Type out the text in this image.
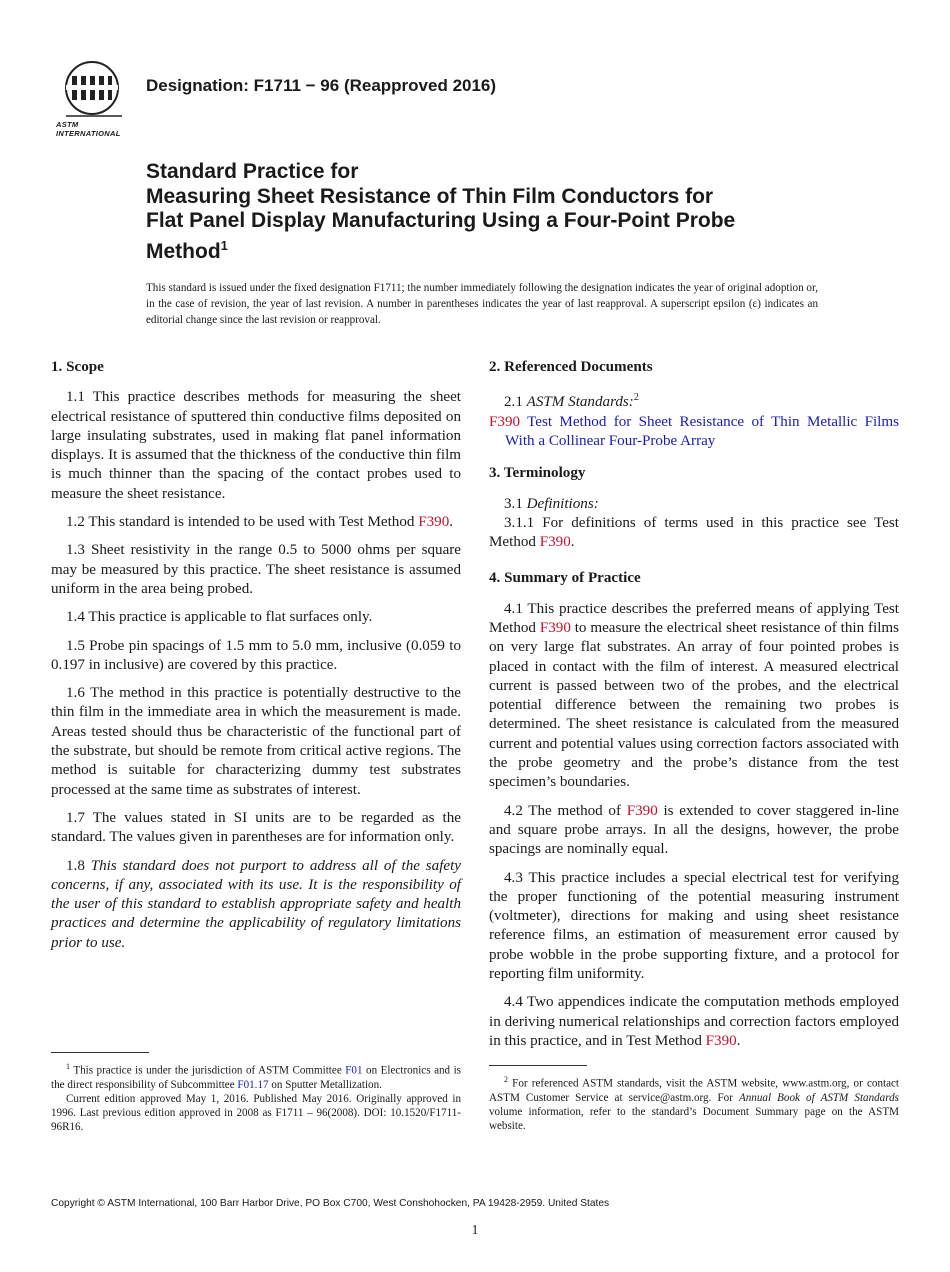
ASTM INTERNATIONAL
Designation: F1711 − 96 (Reapproved 2016)
Standard Practice for
Measuring Sheet Resistance of Thin Film Conductors for
Flat Panel Display Manufacturing Using a Four-Point Probe
Method$^1$
This standard is issued under the fixed designation F1711; the number immediately following the designation indicates the year of original adoption or, in the case of revision, the year of last revision. A number in parentheses indicates the year of last reapproval. A superscript epsilon (ε) indicates an editorial change since the last revision or reapproval.
1. Scope

1.1 This practice describes methods for measuring the sheet electrical resistance of sputtered thin conductive films deposited on large insulating substrates, used in making flat panel information displays. It is assumed that the thickness of the conductive thin film is much thinner than the spacing of the contact probes used to measure the sheet resistance.

1.2 This standard is intended to be used with Test Method F390.

1.3 Sheet resistivity in the range 0.5 to 5000 ohms per square may be measured by this practice. The sheet resistance is assumed uniform in the area being probed.

1.4 This practice is applicable to flat surfaces only.

1.5 Probe pin spacings of 1.5 mm to 5.0 mm, inclusive (0.059 to 0.197 in inclusive) are covered by this practice.

1.6 The method in this practice is potentially destructive to the thin film in the immediate area in which the measurement is made. Areas tested should thus be characteristic of the functional part of the substrate, but should be remote from critical active regions. The method is suitable for characterizing dummy test substrates processed at the same time as substrates of interest.

1.7 The values stated in SI units are to be regarded as the standard. The values given in parentheses are for information only.

1.8 This standard does not purport to address all of the safety concerns, if any, associated with its use. It is the responsibility of the user of this standard to establish appropriate safety and health practices and determine the applicability of regulatory limitations prior to use.

2. Referenced Documents

2.1 ASTM Standards:$^2$

F390 Test Method for Sheet Resistance of Thin Metallic Films With a Collinear Four-Probe Array

3. Terminology

3.1 Definitions:

3.1.1 For definitions of terms used in this practice see Test Method F390.

4. Summary of Practice

4.1 This practice describes the preferred means of applying Test Method F390 to measure the electrical sheet resistance of thin films on very large flat substrates. An array of four pointed probes is placed in contact with the film of interest. A measured electrical current is passed between two of the probes, and the electrical potential difference between the remaining two probes is determined. The sheet resistance is calculated from the measured current and potential values using correction factors associated with the probe geometry and the probe’s distance from the test specimen’s boundaries.

4.2 The method of F390 is extended to cover staggered in-line and square probe arrays. In all the designs, however, the probe spacings are nominally equal.

4.3 This practice includes a special electrical test for verifying the proper functioning of the potential measuring instrument (voltmeter), directions for making and using sheet resistance reference films, an estimation of measurement error caused by probe wobble in the probe supporting fixture, and a protocol for reporting film uniformity.

4.4 Two appendices indicate the computation methods employed in deriving numerical relationships and correction factors employed in this practice, and in Test Method F390.

$^1$ This practice is under the jurisdiction of ASTM Committee F01 on Electronics and is the direct responsibility of Subcommittee F01.17 on Sputter Metallization.

Current edition approved May 1, 2016. Published May 2016. Originally approved in 1996. Last previous edition approved in 2008 as F1711 – 96(2008). DOI: 10.1520/F1711-96R16.

$^2$ For referenced ASTM standards, visit the ASTM website, www.astm.org, or contact ASTM Customer Service at service@astm.org. For Annual Book of ASTM Standards volume information, refer to the standard’s Document Summary page on the ASTM website.

Copyright © ASTM International, 100 Barr Harbor Drive, PO Box C700, West Conshohocken, PA 19428-2959. United States
1
